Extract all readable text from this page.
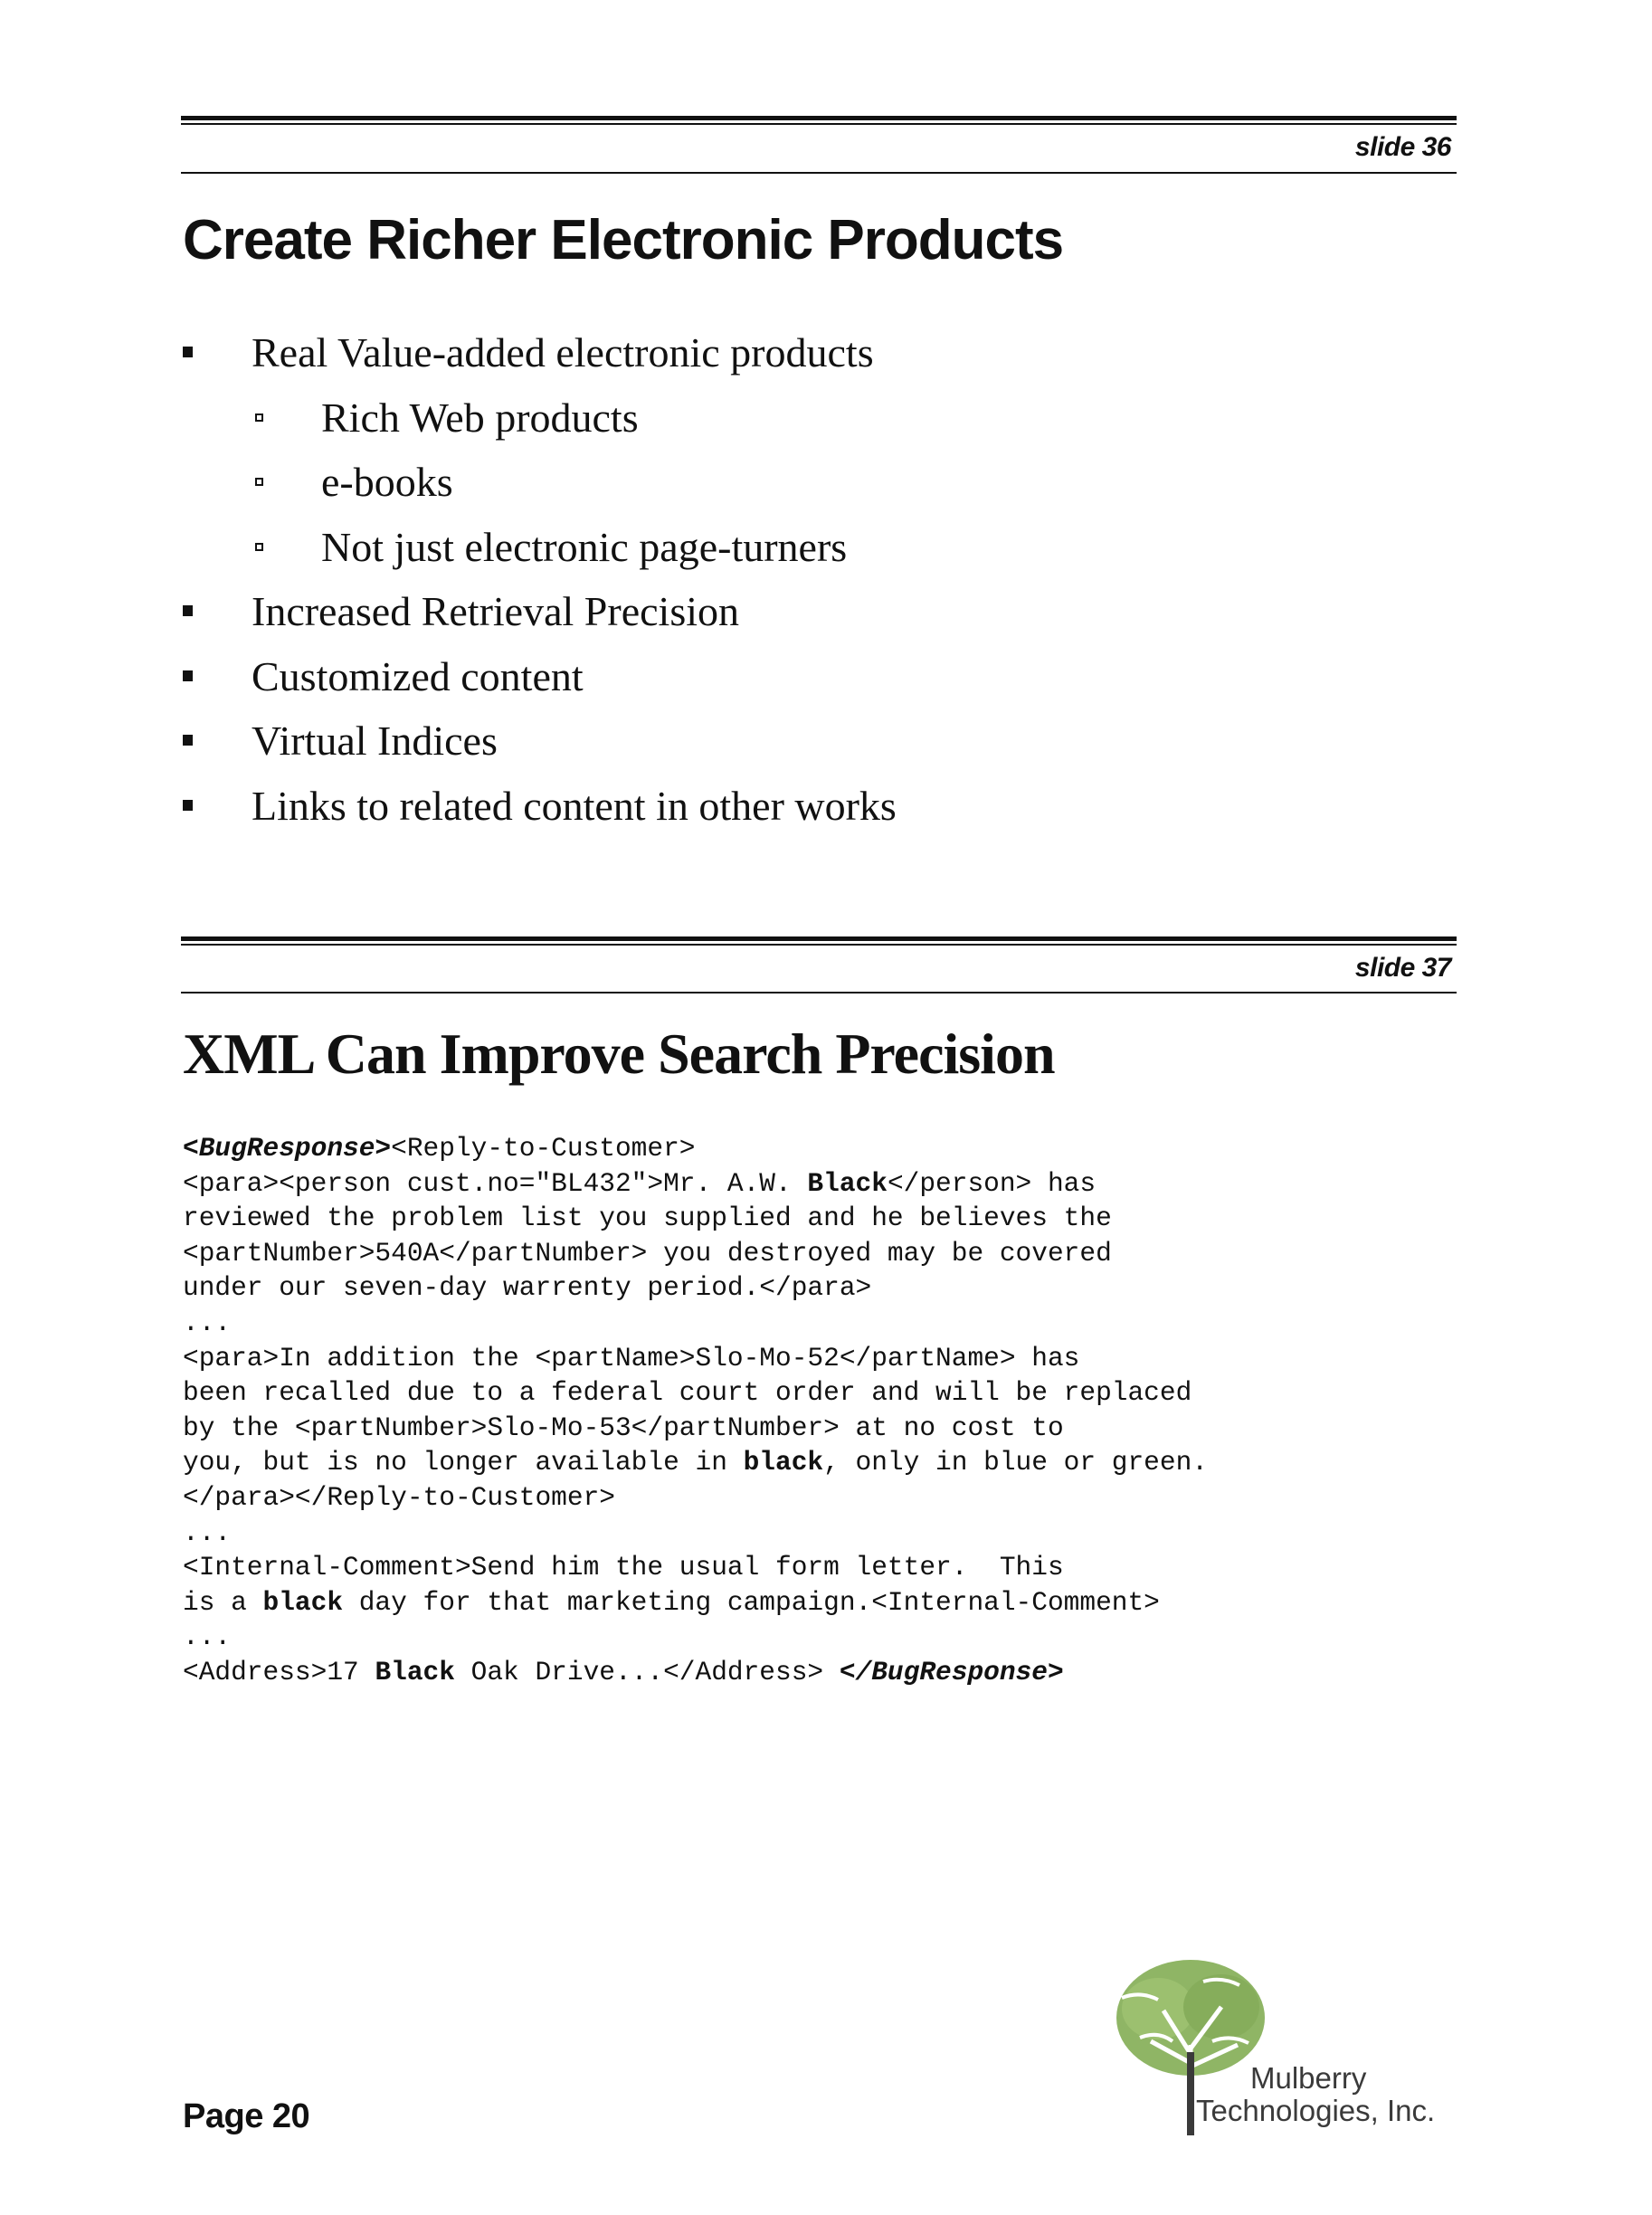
slide 36
Create Richer Electronic Products
Real Value-added electronic products
Rich Web products
e-books
Not just electronic page-turners
Increased Retrieval Precision
Customized content
Virtual Indices
Links to related content in other works
slide 37
XML Can Improve Search Precision
<BugResponse><Reply-to-Customer>
<para><person cust.no="BL432">Mr. A.W. Black</person> has
reviewed the problem list you supplied and he believes the
<partNumber>540A</partNumber> you destroyed may be covered
under our seven-day warrenty period.</para>
...
<para>In addition the <partName>Slo-Mo-52</partName> has
been recalled due to a federal court order and will be replaced
by the <partNumber>Slo-Mo-53</partNumber> at no cost to
you, but is no longer available in black, only in blue or green.
</para></Reply-to-Customer>
...
<Internal-Comment>Send him the usual form letter.  This
is a black day for that marketing campaign.<Internal-Comment>
...
<Address>17 Black Oak Drive...</Address> </BugResponse>
Page 20
Mulberry
Technologies, Inc.
